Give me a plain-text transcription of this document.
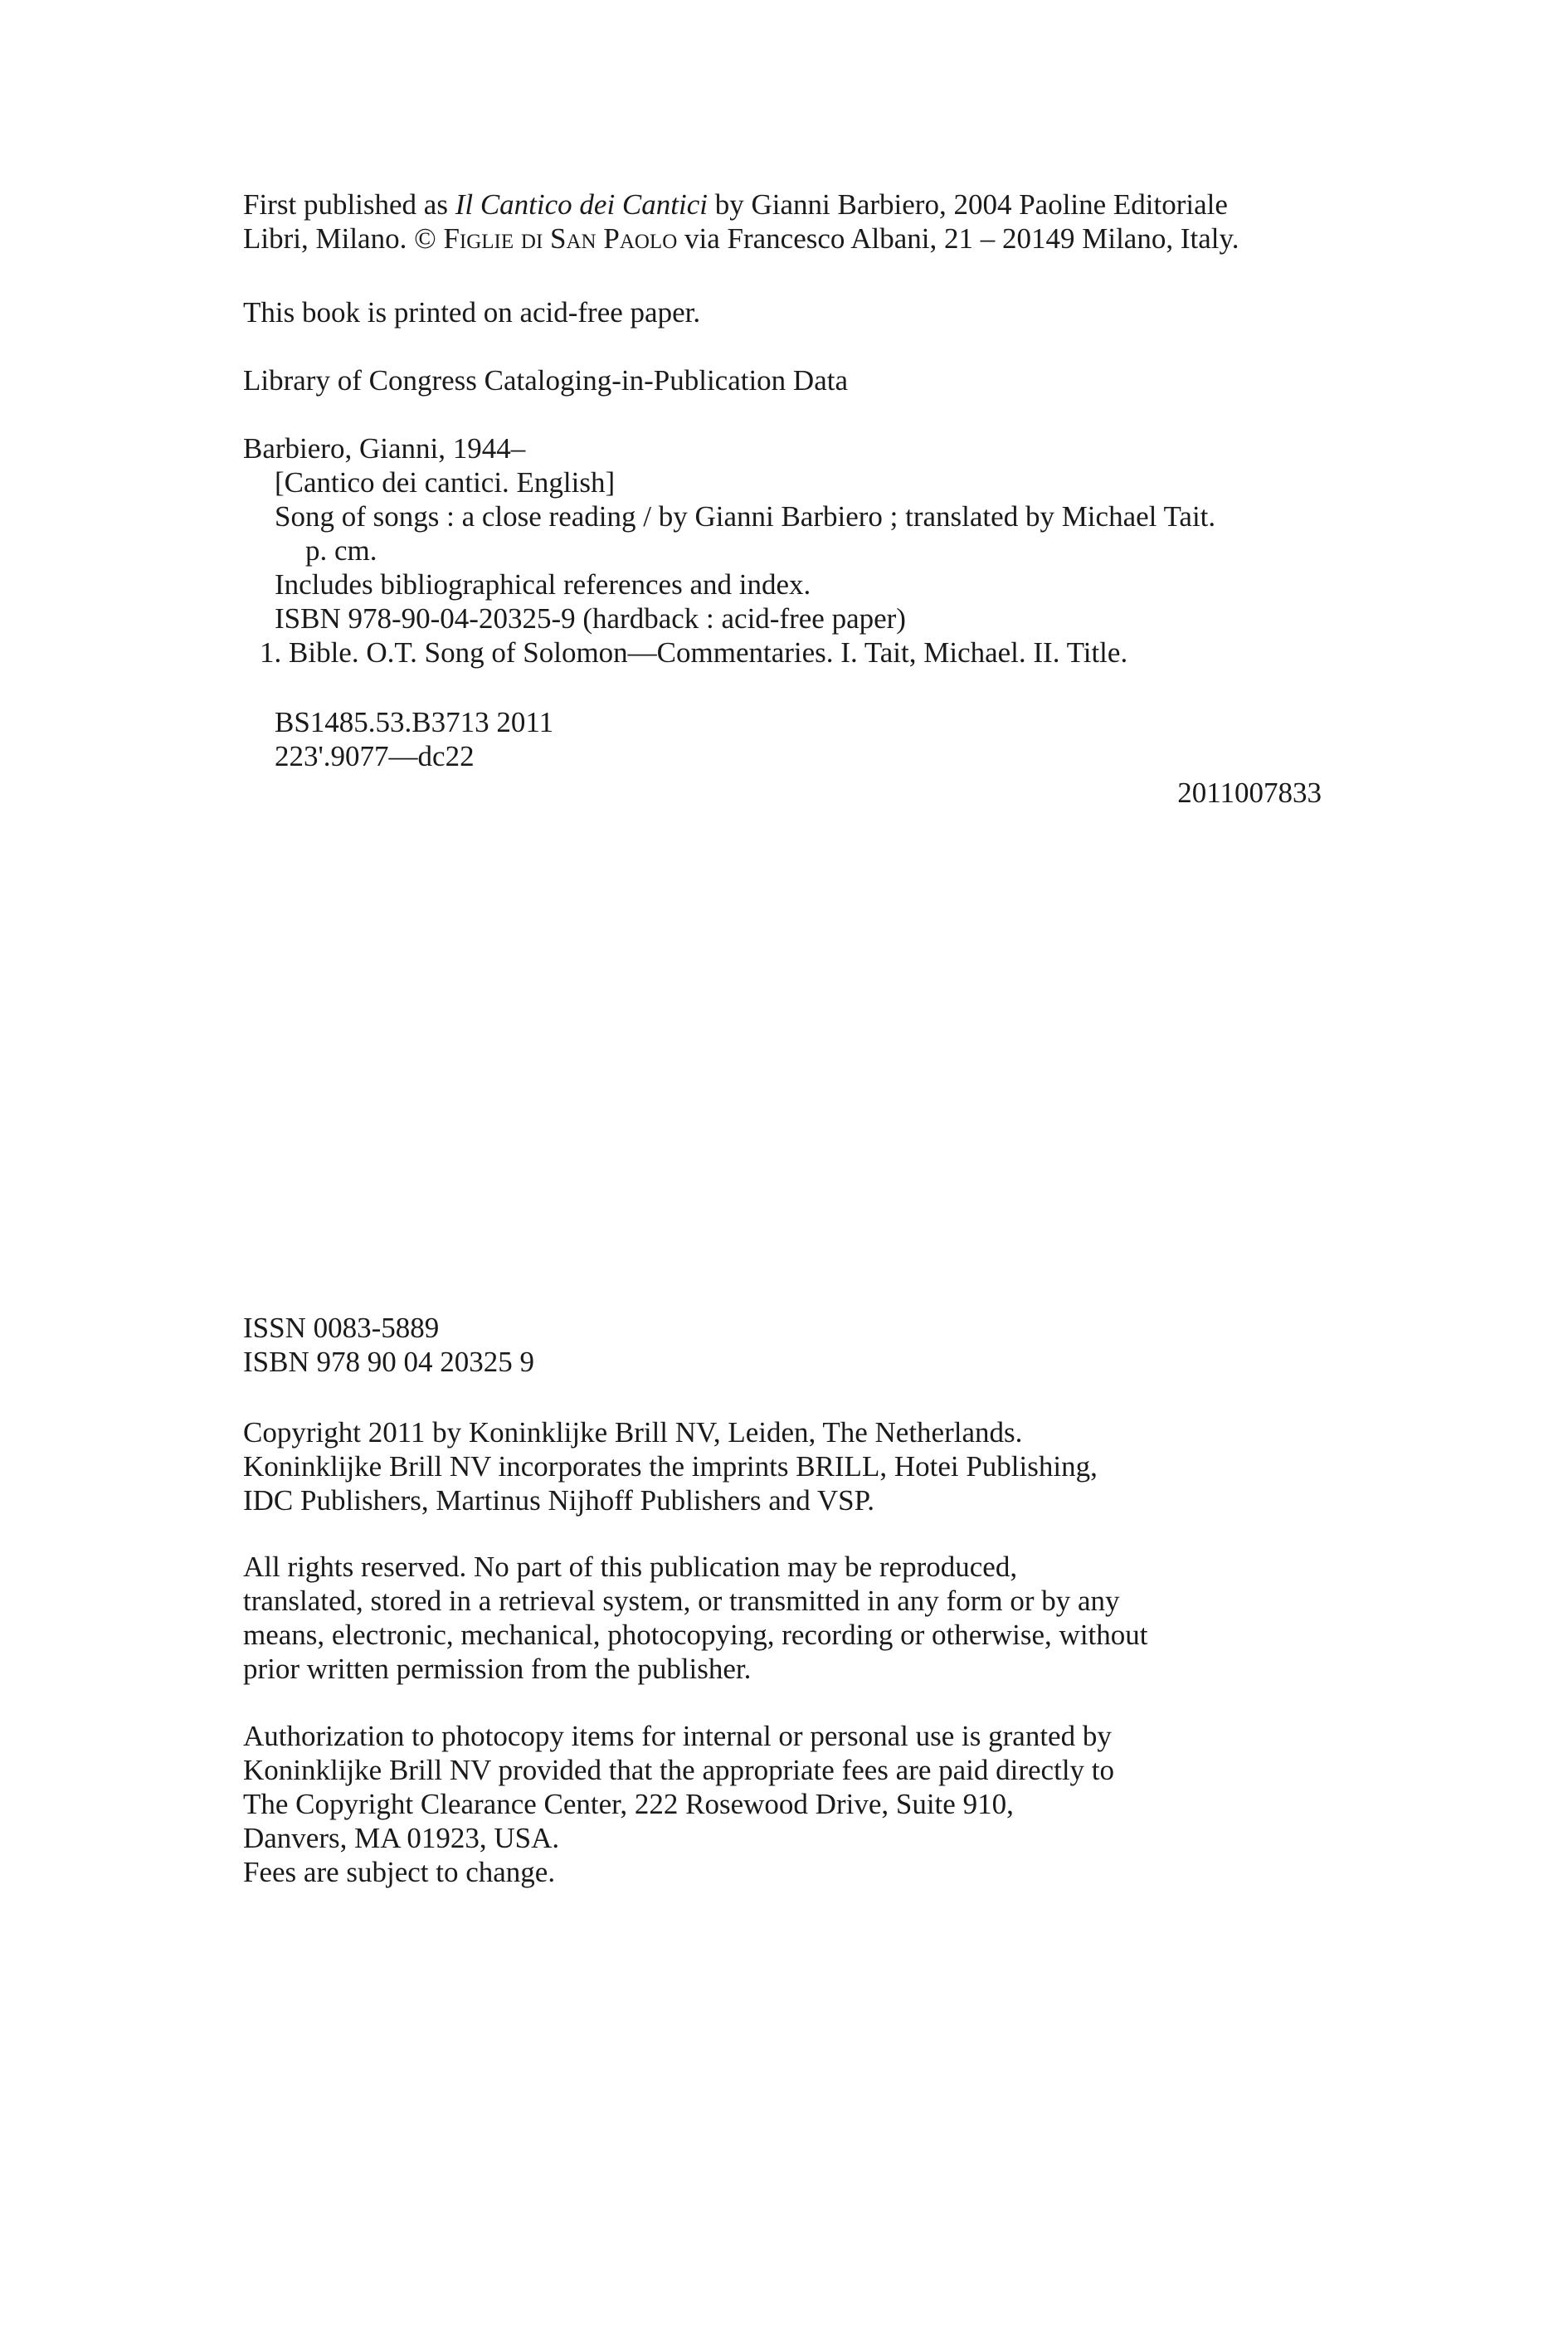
First published as Il Cantico dei Cantici by Gianni Barbiero, 2004 Paoline Editoriale
Libri, Milano. © Figlie di San Paolo via Francesco Albani, 21 – 20149 Milano, Italy.
This book is printed on acid-free paper.
Library of Congress Cataloging-in-Publication Data
Barbiero, Gianni, 1944–
[Cantico dei cantici. English]
Song of songs : a close reading / by Gianni Barbiero ; translated by Michael Tait.
p. cm.
Includes bibliographical references and index.
ISBN 978-90-04-20325-9 (hardback : acid-free paper)
1. Bible. O.T. Song of Solomon—Commentaries. I. Tait, Michael. II. Title.
BS1485.53.B3713 2011
223'.9077—dc22
2011007833
ISSN 0083-5889
ISBN 978 90 04 20325 9
Copyright 2011 by Koninklijke Brill NV, Leiden, The Netherlands.
Koninklijke Brill NV incorporates the imprints BRILL, Hotei Publishing,
IDC Publishers, Martinus Nijhoff Publishers and VSP.
All rights reserved. No part of this publication may be reproduced,
translated, stored in a retrieval system, or transmitted in any form or by any
means, electronic, mechanical, photocopying, recording or otherwise, without
prior written permission from the publisher.
Authorization to photocopy items for internal or personal use is granted by
Koninklijke Brill NV provided that the appropriate fees are paid directly to
The Copyright Clearance Center, 222 Rosewood Drive, Suite 910,
Danvers, MA 01923, USA.
Fees are subject to change.
